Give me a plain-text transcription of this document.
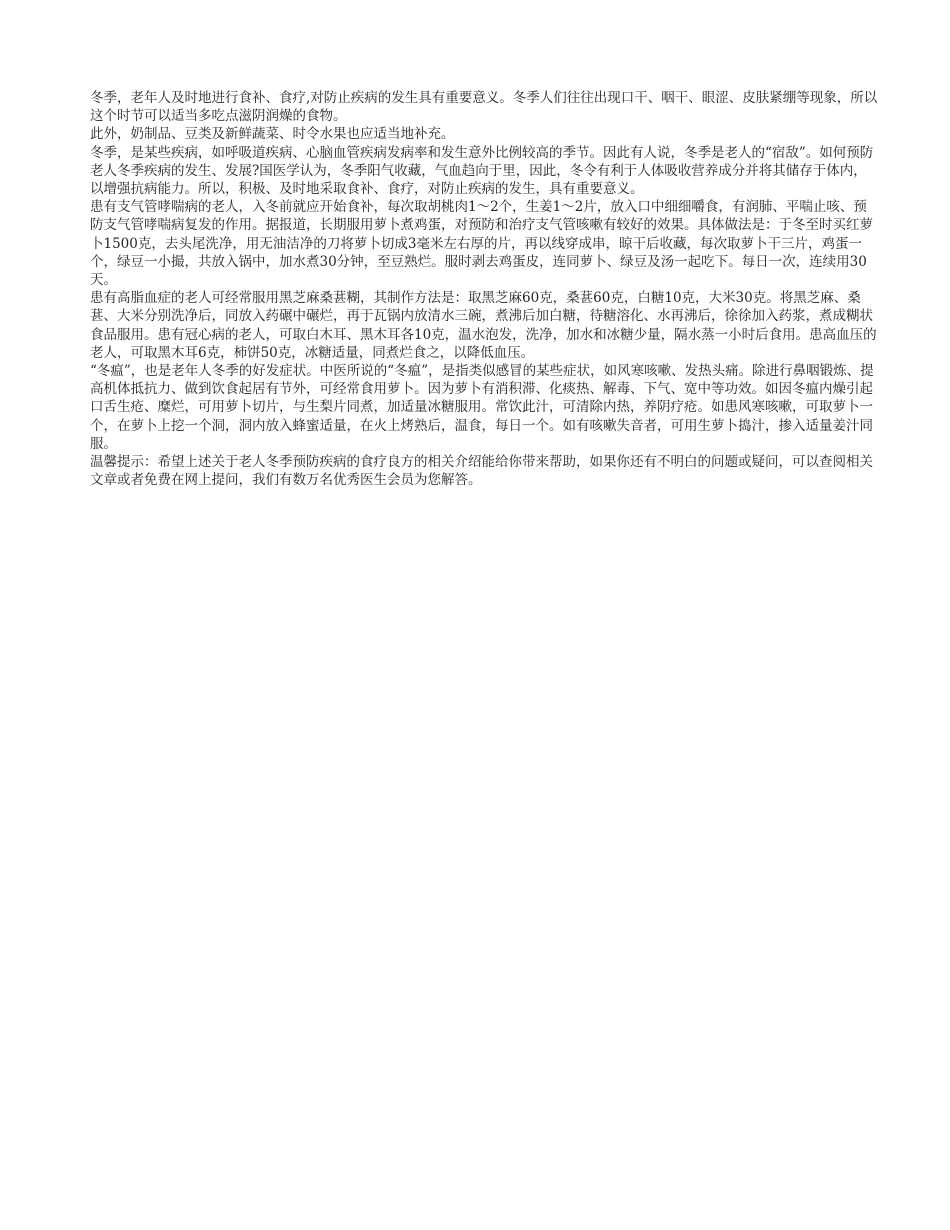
冬季，老年人及时地进行食补、食疗,对防止疾病的发生具有重要意义。冬季人们往往出现口干、咽干、眼涩、皮肤紧绷等现象，所以这个时节可以适当多吃点滋阴润燥的食物。

此外，奶制品、豆类及新鲜蔬菜、时令水果也应适当地补充。

冬季，是某些疾病，如呼吸道疾病、心脑血管疾病发病率和发生意外比例较高的季节。因此有人说，冬季是老人的“宿敌”。如何预防老人冬季疾病的发生、发展?国医学认为，冬季阳气收藏，气血趋向于里，因此，冬令有利于人体吸收营养成分并将其储存于体内，以增强抗病能力。所以，积极、及时地采取食补、食疗，对防止疾病的发生，具有重要意义。

患有支气管哮喘病的老人，入冬前就应开始食补，每次取胡桃肉1～2个，生姜1～2片，放入口中细细嚼食，有润肺、平喘止咳、预防支气管哮喘病复发的作用。据报道，长期服用萝卜煮鸡蛋，对预防和治疗支气管咳嗽有较好的效果。具体做法是：于冬至时买红萝卜1500克，去头尾洗净，用无油洁净的刀将萝卜切成3毫米左右厚的片，再以线穿成串，晾干后收藏，每次取萝卜干三片，鸡蛋一个，绿豆一小撮，共放入锅中，加水煮30分钟，至豆熟烂。服时剥去鸡蛋皮，连同萝卜、绿豆及汤一起吃下。每日一次，连续用30天。

患有高脂血症的老人可经常服用黑芝麻桑葚糊，其制作方法是：取黑芝麻60克，桑葚60克，白糖10克，大米30克。将黑芝麻、桑葚、大米分别洗净后，同放入药碾中碾烂，再于瓦锅内放清水三碗，煮沸后加白糖，待糖溶化、水再沸后，徐徐加入药浆，煮成糊状食品服用。患有冠心病的老人，可取白木耳、黑木耳各10克，温水泡发，洗净，加水和冰糖少量，隔水蒸一小时后食用。患高血压的老人，可取黑木耳6克，柿饼50克，冰糖适量，同煮烂食之，以降低血压。

“冬瘟”，也是老年人冬季的好发症状。中医所说的“冬瘟”，是指类似感冒的某些症状，如风寒咳嗽、发热头痛。除进行鼻咽锻炼、提高机体抵抗力、做到饮食起居有节外，可经常食用萝卜。因为萝卜有消积滞、化痰热、解毒、下气、宽中等功效。如因冬瘟内燥引起口舌生疮、糜烂，可用萝卜切片，与生梨片同煮，加适量冰糖服用。常饮此汁，可清除内热，养阴疗疮。如患风寒咳嗽，可取萝卜一个，在萝卜上挖一个洞，洞内放入蜂蜜适量，在火上烤熟后，温食，每日一个。如有咳嗽失音者，可用生萝卜捣汁，掺入适量姜汁同服。

温馨提示：希望上述关于老人冬季预防疾病的食疗良方的相关介绍能给你带来帮助，如果你还有不明白的问题或疑问，可以查阅相关文章或者免费在网上提问，我们有数万名优秀医生会员为您解答。
